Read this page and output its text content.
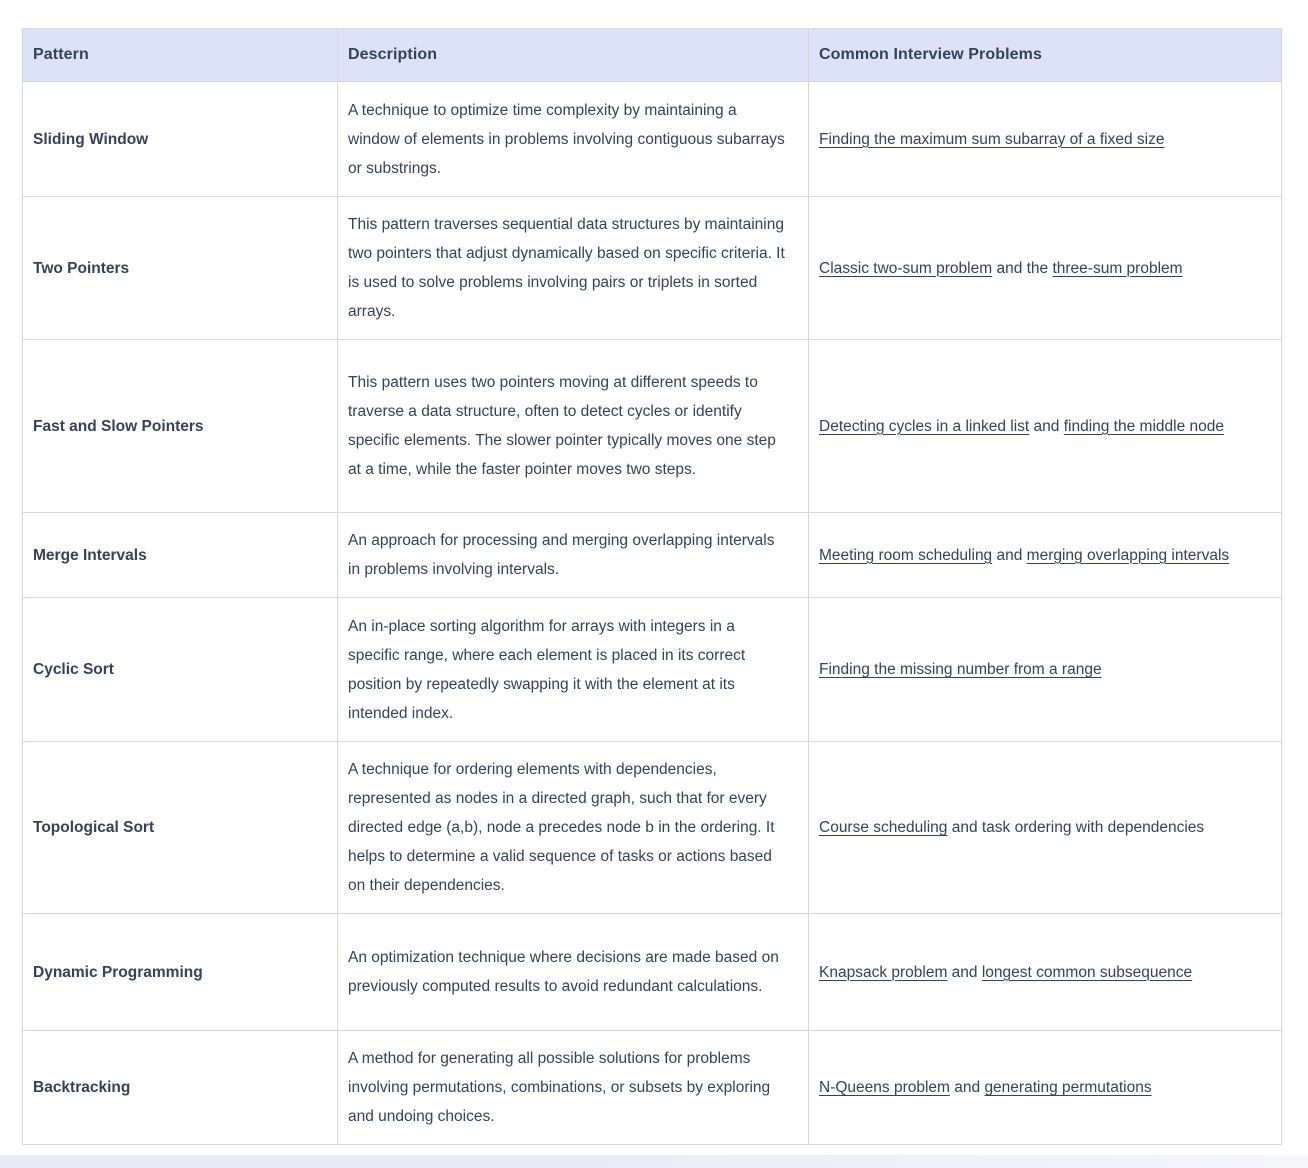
Pattern	Description	Common Interview Problems
Sliding Window	A technique to optimize time complexity by maintaining a window of elements in problems involving contiguous subarrays or substrings.	Finding the maximum sum subarray of a fixed size
Two Pointers	This pattern traverses sequential data structures by maintaining two pointers that adjust dynamically based on specific criteria. It is used to solve problems involving pairs or triplets in sorted arrays.	Classic two-sum problem and the three-sum problem
Fast and Slow Pointers	This pattern uses two pointers moving at different speeds to traverse a data structure, often to detect cycles or identify specific elements. The slower pointer typically moves one step at a time, while the faster pointer moves two steps.	Detecting cycles in a linked list and finding the middle node
Merge Intervals	An approach for processing and merging overlapping intervals in problems involving intervals.	Meeting room scheduling and merging overlapping intervals
Cyclic Sort	An in-place sorting algorithm for arrays with integers in a specific range, where each element is placed in its correct position by repeatedly swapping it with the element at its intended index.	Finding the missing number from a range
Topological Sort	A technique for ordering elements with dependencies, represented as nodes in a directed graph, such that for every directed edge (a,b), node a precedes node b in the ordering. It helps to determine a valid sequence of tasks or actions based on their dependencies.	Course scheduling and task ordering with dependencies
Dynamic Programming	An optimization technique where decisions are made based on previously computed results to avoid redundant calculations.	Knapsack problem and longest common subsequence
Backtracking	A method for generating all possible solutions for problems involving permutations, combinations, or subsets by exploring and undoing choices.	N-Queens problem and generating permutations
